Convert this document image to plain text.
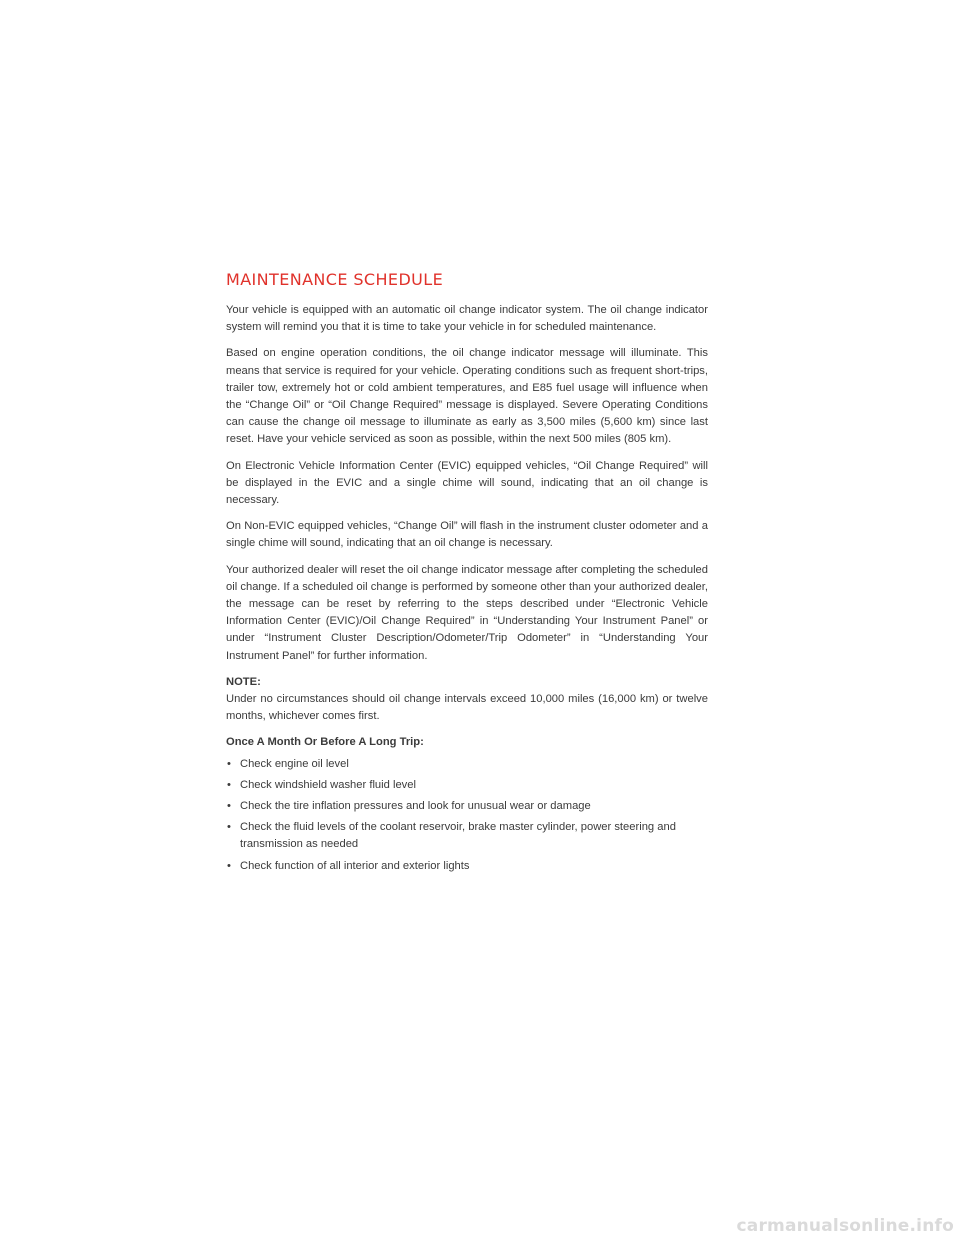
MAINTENANCE SCHEDULE

Your vehicle is equipped with an automatic oil change indicator system. The oil change indicator system will remind you that it is time to take your vehicle in for scheduled maintenance.

Based on engine operation conditions, the oil change indicator message will illuminate. This means that service is required for your vehicle. Operating conditions such as frequent short-trips, trailer tow, extremely hot or cold ambient temperatures, and E85 fuel usage will influence when the “Change Oil” or “Oil Change Required” message is displayed. Severe Operating Conditions can cause the change oil message to illuminate as early as 3,500 miles (5,600 km) since last reset. Have your vehicle serviced as soon as possible, within the next 500 miles (805 km).

On Electronic Vehicle Information Center (EVIC) equipped vehicles, “Oil Change Required” will be displayed in the EVIC and a single chime will sound, indicating that an oil change is necessary.

On Non-EVIC equipped vehicles, “Change Oil” will flash in the instrument cluster odometer and a single chime will sound, indicating that an oil change is necessary.

Your authorized dealer will reset the oil change indicator message after completing the scheduled oil change. If a scheduled oil change is performed by someone other than your authorized dealer, the message can be reset by referring to the steps described under “Electronic Vehicle Information Center (EVIC)/Oil Change Required” in “Understanding Your Instrument Panel” or under “Instrument Cluster Description/Odometer/Trip Odometer” in “Understanding Your Instrument Panel” for further information.

NOTE:

Under no circumstances should oil change intervals exceed 10,000 miles (16,000 km) or twelve months, whichever comes first.

Once A Month Or Before A Long Trip:

• Check engine oil level
• Check windshield washer fluid level
• Check the tire inflation pressures and look for unusual wear or damage
• Check the fluid levels of the coolant reservoir, brake master cylinder, power steering and transmission as needed
• Check function of all interior and exterior lights
carmanualsonline.info
